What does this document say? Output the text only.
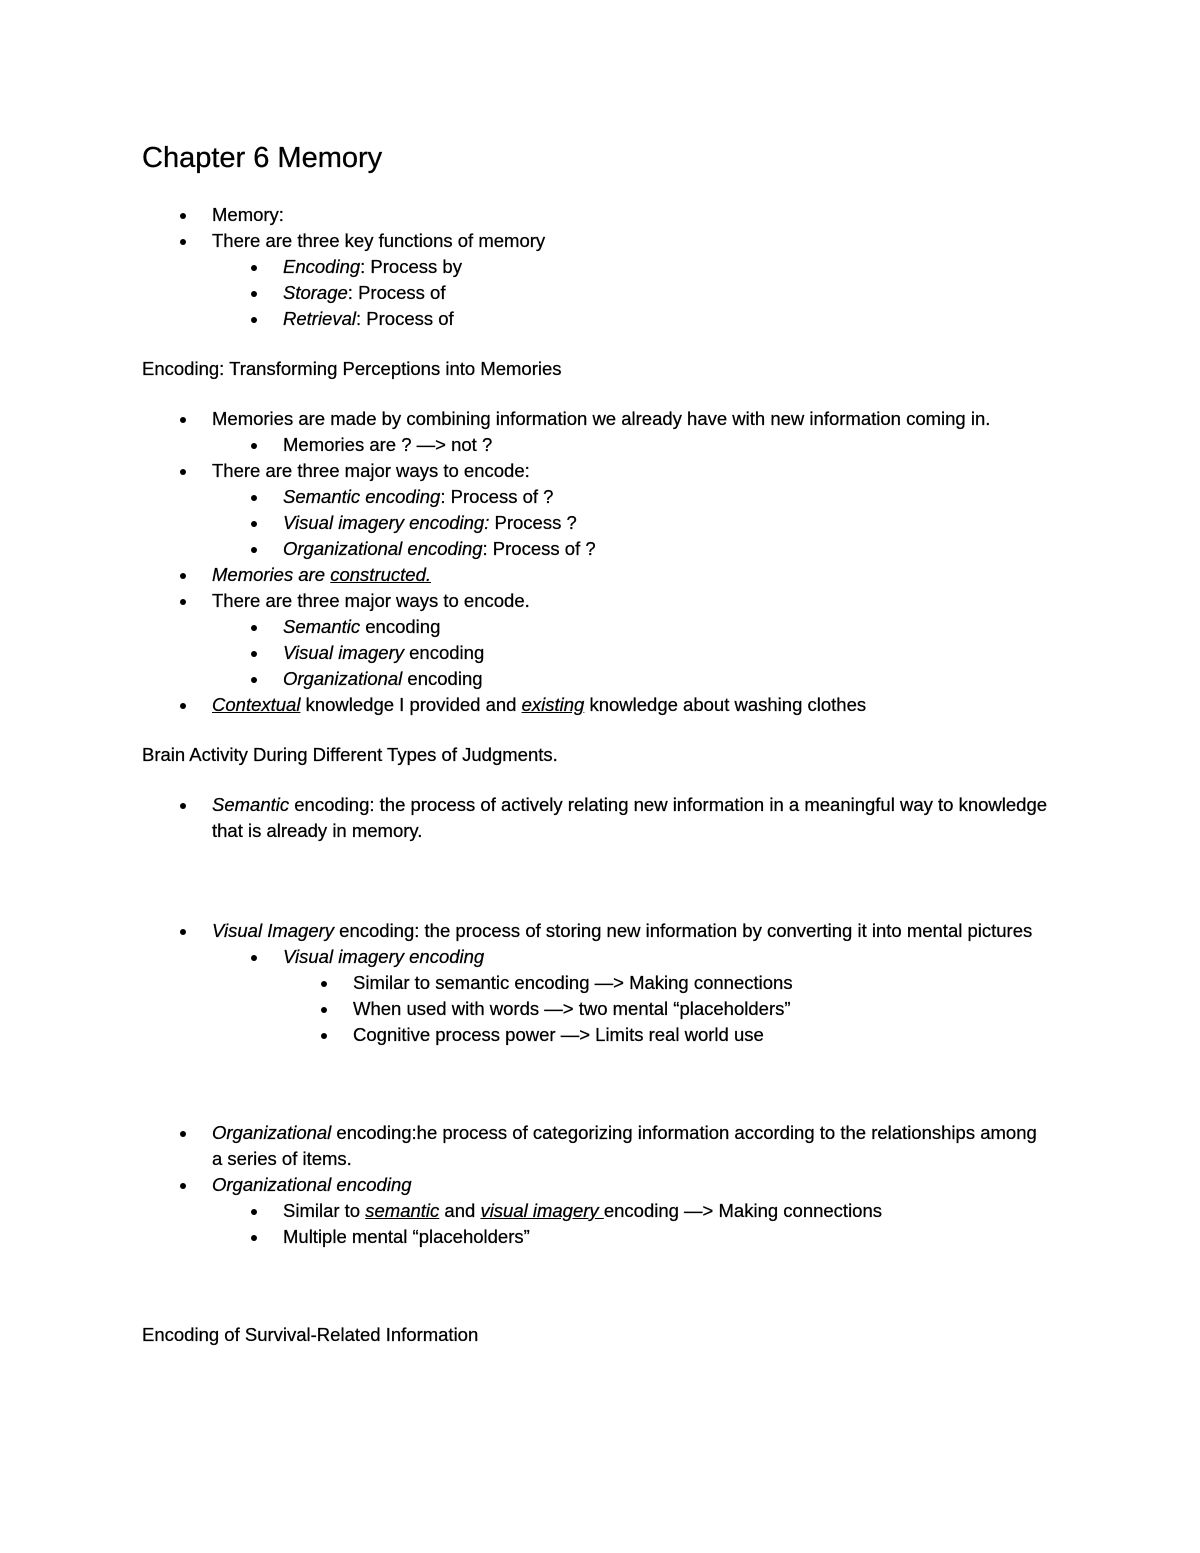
Chapter 6 Memory
Memory:
There are three key functions of memory
Encoding: Process by
Storage: Process of
Retrieval: Process of

Encoding: Transforming Perceptions into Memories

Memories are made by combining information we already have with new information coming in.
Memories are ? —> not ?
There are three major ways to encode:
Semantic encoding: Process of ?
Visual imagery encoding: Process ?
Organizational encoding: Process of ?
Memories are constructed.
There are three major ways to encode.
Semantic encoding
Visual imagery encoding
Organizational encoding
Contextual knowledge I provided and existing knowledge about washing clothes

Brain Activity During Different Types of Judgments.

Semantic encoding: the process of actively relating new information in a meaningful way to knowledge that is already in memory.
Visual Imagery encoding: the process of storing new information by converting it into mental pictures
Visual imagery encoding
Similar to semantic encoding —> Making connections
When used with words —> two mental “placeholders”
Cognitive process power —> Limits real world use
Organizational encoding:he process of categorizing information according to the relationships among a series of items.
Organizational encoding
Similar to semantic and visual imagery encoding —> Making connections
Multiple mental “placeholders”

Encoding of Survival-Related Information
